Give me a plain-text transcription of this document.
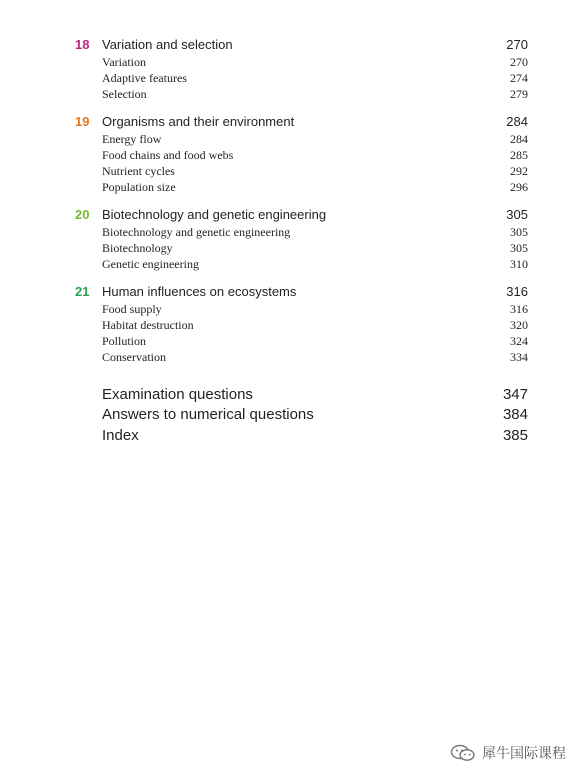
18 Variation and selection	270
Variation	270
Adaptive features	274
Selection	279
19 Organisms and their environment	284
Energy flow	284
Food chains and food webs	285
Nutrient cycles	292
Population size	296
20 Biotechnology and genetic engineering	305
Biotechnology and genetic engineering	305
Biotechnology	305
Genetic engineering	310
21 Human influences on ecosystems	316
Food supply	316
Habitat destruction	320
Pollution	324
Conservation	334
Examination questions	347
Answers to numerical questions	384
Index	385
犀牛国际课程
